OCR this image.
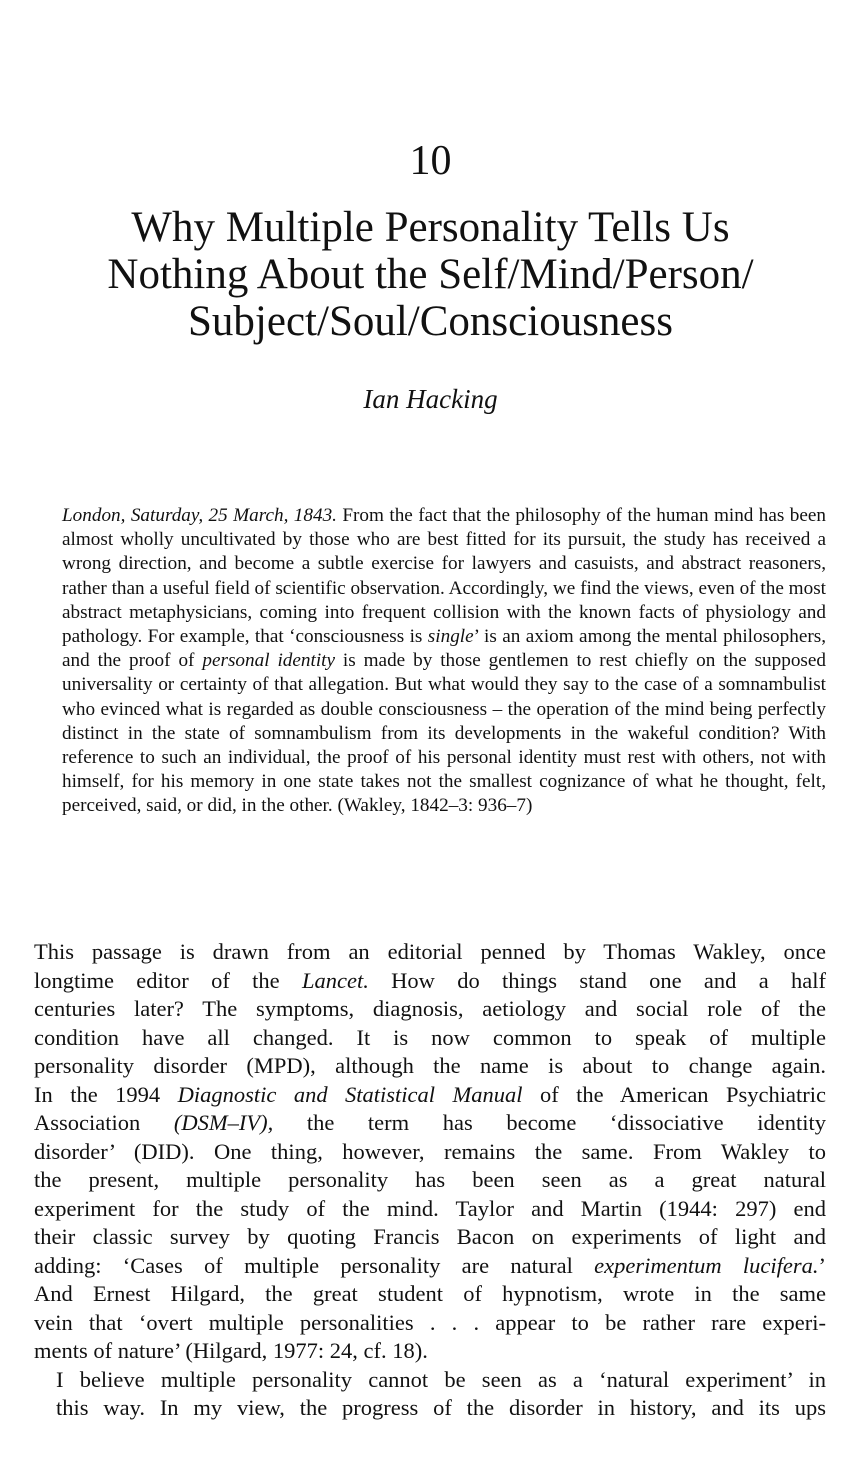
10
Why Multiple Personality Tells Us
Nothing About the Self/Mind/Person/
Subject/Soul/Consciousness
Ian Hacking

London, Saturday, 25 March, 1843. From the fact that the philosophy of the human mind has been almost wholly uncultivated by those who are best fitted for its pursuit, the study has received a wrong direction, and become a subtle exercise for lawyers and casuists, and abstract reasoners, rather than a useful field of scientific observation. Accordingly, we find the views, even of the most abstract metaphysicians, coming into frequent collision with the known facts of physiology and pathology. For example, that ‘consciousness is single’ is an axiom among the mental philosophers, and the proof of personal identity is made by those gentlemen to rest chiefly on the supposed universality or certainty of that allegation. But what would they say to the case of a somnambulist who evinced what is regarded as double consciousness – the operation of the mind being perfectly distinct in the state of somnambulism from its developments in the wakeful condition? With reference to such an individual, the proof of his personal identity must rest with others, not with himself, for his memory in one state takes not the smallest cognizance of what he thought, felt, perceived, said, or did, in the other. (Wakley, 1842–3: 936–7)

This passage is drawn from an editorial penned by Thomas Wakley, once
longtime editor of the Lancet. How do things stand one and a half
centuries later? The symptoms, diagnosis, aetiology and social role of the
condition have all changed. It is now common to speak of multiple
personality disorder (MPD), although the name is about to change again.
In the 1994 Diagnostic and Statistical Manual of the American Psychiatric
Association (DSM–IV), the term has become ‘dissociative identity
disorder’ (DID). One thing, however, remains the same. From Wakley to
the present, multiple personality has been seen as a great natural
experiment for the study of the mind. Taylor and Martin (1944: 297) end
their classic survey by quoting Francis Bacon on experiments of light and
adding: ‘Cases of multiple personality are natural experimentum lucifera.’
And Ernest Hilgard, the great student of hypnotism, wrote in the same
vein that ‘overt multiple personalities . . . appear to be rather rare experi-
ments of nature’ (Hilgard, 1977: 24, cf. 18).

I believe multiple personality cannot be seen as a ‘natural experiment’ in
this way. In my view, the progress of the disorder in history, and its ups
